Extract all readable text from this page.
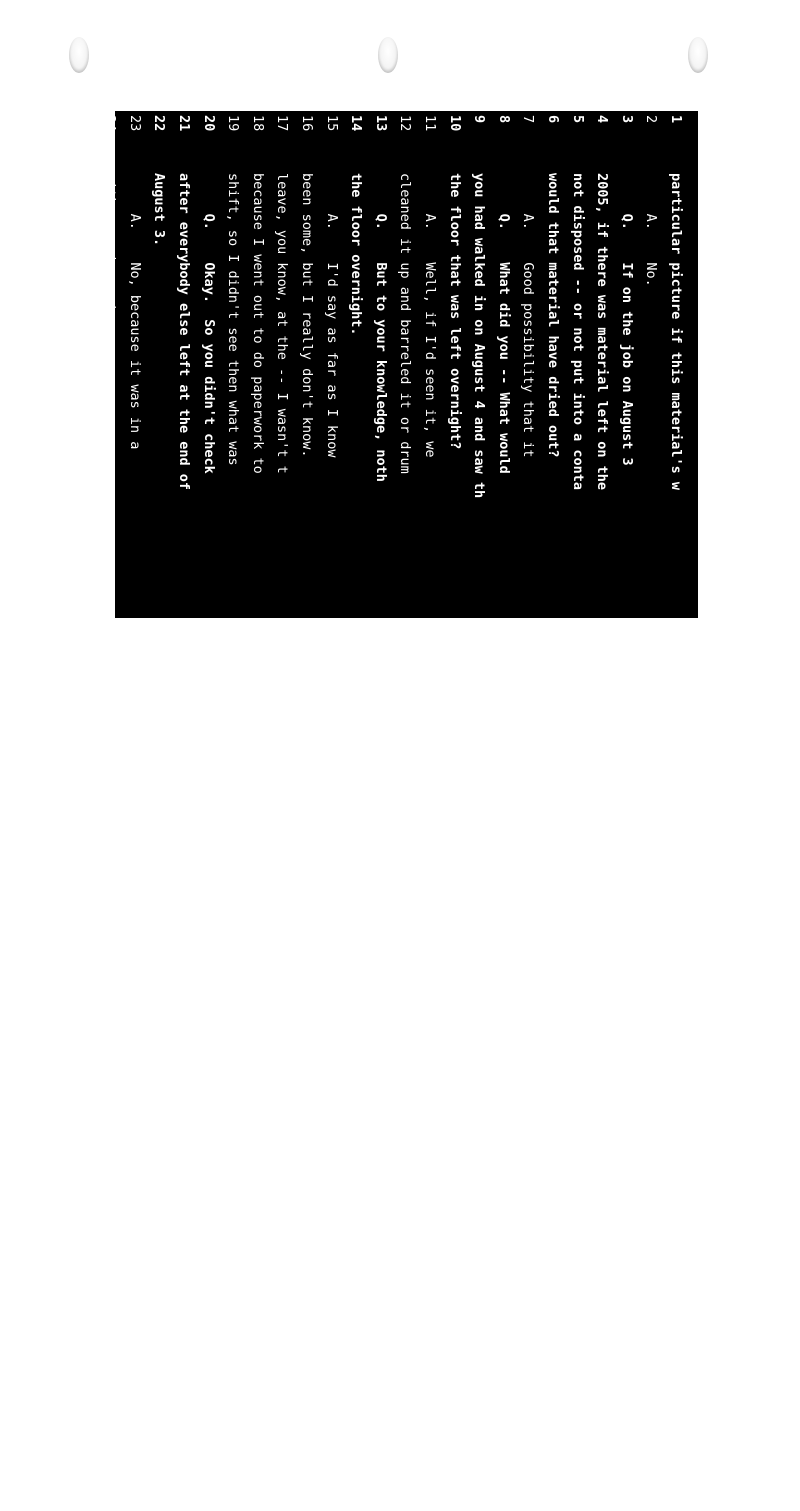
1
particular picture if this material's w
2
A.    No.
3
Q.    If on the job on August 3
4
2005, if there was material left on the
5
not disposed -- or not put into a conta
6
would that material have dried out?
7
A.    Good possibility that it
8
Q.    What did you -- What would
9
you had walked in on August 4 and saw th
10
the floor that was left overnight?
11
A.    Well, if I'd seen it, we
12
cleaned it up and barreled it or drum
13
Q.    But to your knowledge, noth
14
the floor overnight.
15
A.    I'd say as far as I know
16
been some, but I really don't know.
17
leave, you know, at the -- I wasn't t
18
because I went out to do paperwork to
19
shift, so I didn't see then what was
20
Q.    Okay.  So you didn't check
21
after everybody else left at the end of
22
August 3.
23
A.    No, because it was in a
24
with neg airs going.
